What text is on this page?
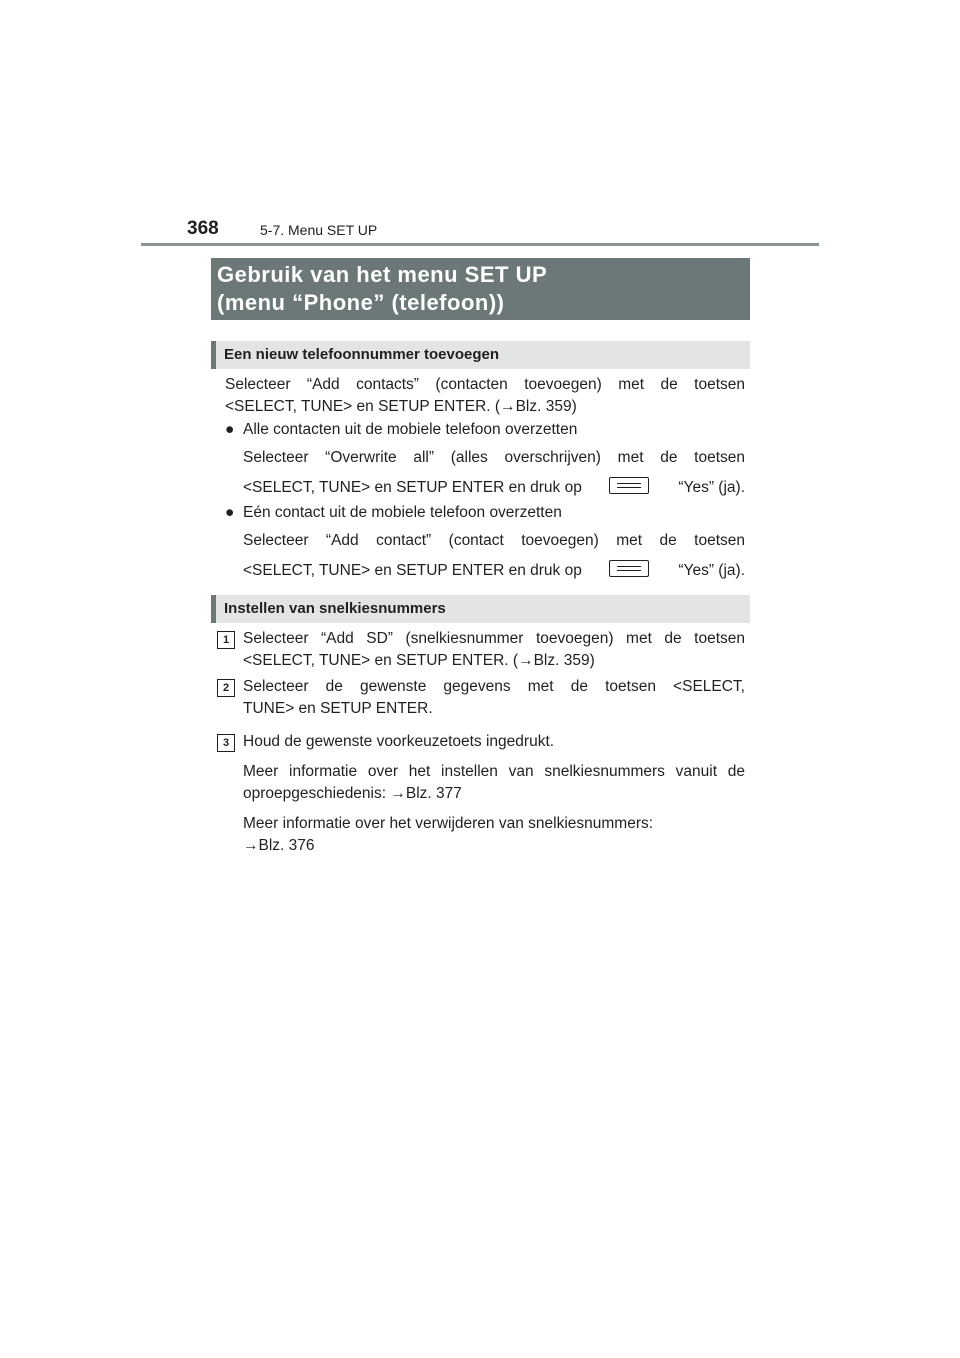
368	5-7. Menu SET UP
Gebruik van het menu SET UP
(menu “Phone” (telefoon))
Een nieuw telefoonnummer toevoegen
Selecteer “Add contacts” (contacten toevoegen) met de toetsen
<SELECT, TUNE> en SETUP ENTER. (→Blz. 359)
● Alle contacten uit de mobiele telefoon overzetten
Selecteer “Overwrite all” (alles overschrijven) met de toetsen
<SELECT, TUNE> en SETUP ENTER en druk op	“Yes” (ja).
● Eén contact uit de mobiele telefoon overzetten
Selecteer “Add contact” (contact toevoegen) met de toetsen
<SELECT, TUNE> en SETUP ENTER en druk op	“Yes” (ja).
Instellen van snelkiesnummers
1 Selecteer “Add SD” (snelkiesnummer toevoegen) met de toetsen
<SELECT, TUNE> en SETUP ENTER. (→Blz. 359)
2 Selecteer de gewenste gegevens met de toetsen <SELECT,
TUNE> en SETUP ENTER.
3 Houd de gewenste voorkeuzetoets ingedrukt.
Meer informatie over het instellen van snelkiesnummers vanuit de
oproepgeschiedenis: →Blz. 377
Meer informatie over het verwijderen van snelkiesnummers:
→Blz. 376
